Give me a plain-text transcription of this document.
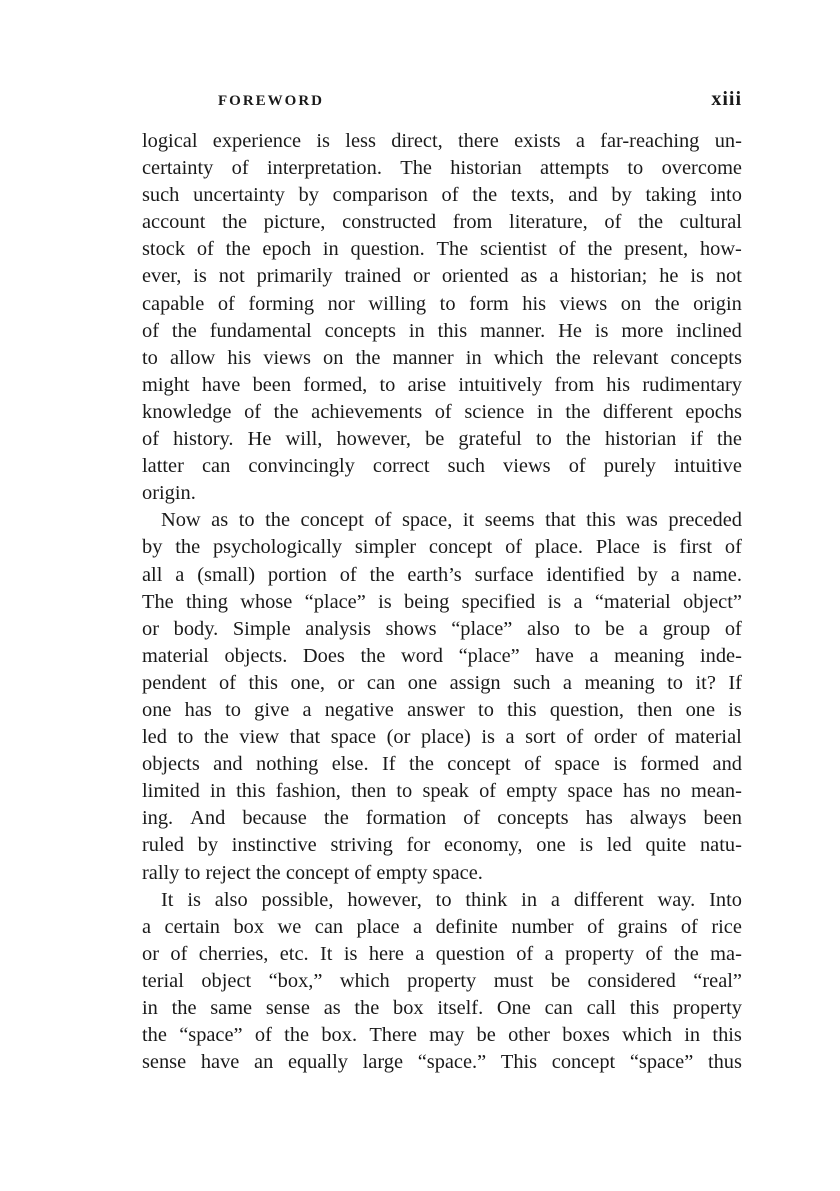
FOREWORD	xiii
logical experience is less direct, there exists a far-reaching un-
certainty of interpretation. The historian attempts to overcome
such uncertainty by comparison of the texts, and by taking into
account the picture, constructed from literature, of the cultural
stock of the epoch in question. The scientist of the present, how-
ever, is not primarily trained or oriented as a historian; he is not
capable of forming nor willing to form his views on the origin
of the fundamental concepts in this manner. He is more inclined
to allow his views on the manner in which the relevant concepts
might have been formed, to arise intuitively from his rudimentary
knowledge of the achievements of science in the different epochs
of history. He will, however, be grateful to the historian if the
latter can convincingly correct such views of purely intuitive
origin.
Now as to the concept of space, it seems that this was preceded
by the psychologically simpler concept of place. Place is first of
all a (small) portion of the earth’s surface identified by a name.
The thing whose “place” is being specified is a “material object”
or body. Simple analysis shows “place” also to be a group of
material objects. Does the word “place” have a meaning inde-
pendent of this one, or can one assign such a meaning to it? If
one has to give a negative answer to this question, then one is
led to the view that space (or place) is a sort of order of material
objects and nothing else. If the concept of space is formed and
limited in this fashion, then to speak of empty space has no mean-
ing. And because the formation of concepts has always been
ruled by instinctive striving for economy, one is led quite natu-
rally to reject the concept of empty space.
It is also possible, however, to think in a different way. Into
a certain box we can place a definite number of grains of rice
or of cherries, etc. It is here a question of a property of the ma-
terial object “box,” which property must be considered “real”
in the same sense as the box itself. One can call this property
the “space” of the box. There may be other boxes which in this
sense have an equally large “space.” This concept “space” thus
